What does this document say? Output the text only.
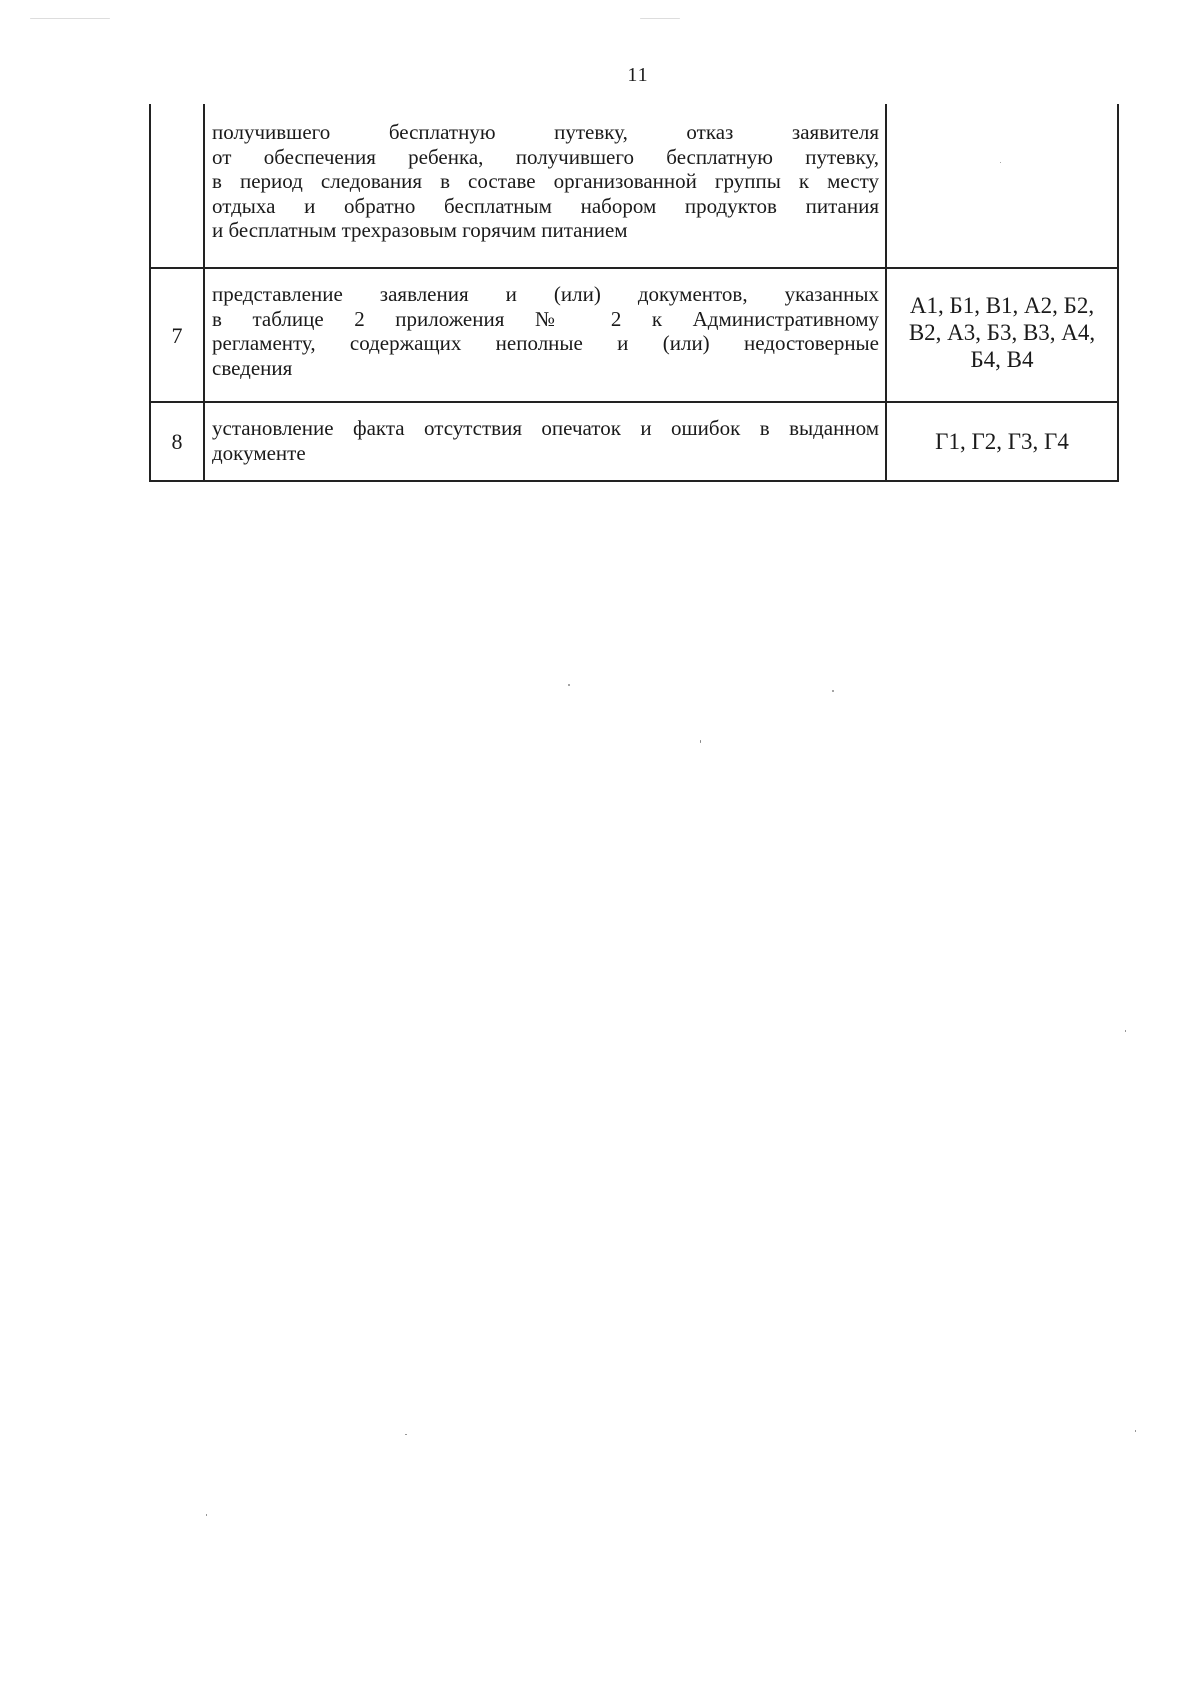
11
получившего бесплатную путевку, отказ заявителя
от обеспечения ребенка, получившего бесплатную путевку,
в период следования в составе организованной группы к месту
отдыха и обратно бесплатным набором продуктов питания
и бесплатным трехразовым горячим питанием
7
представление заявления и (или) документов, указанных
в таблице 2 приложения № 2 к Административному
регламенту, содержащих неполные и (или) недостоверные
сведения
А1, Б1, В1, А2, Б2,
В2, А3, Б3, В3, А4,
Б4, В4
8
установление факта отсутствия опечаток и ошибок в выданном
документе	Г1, Г2, Г3, Г4
